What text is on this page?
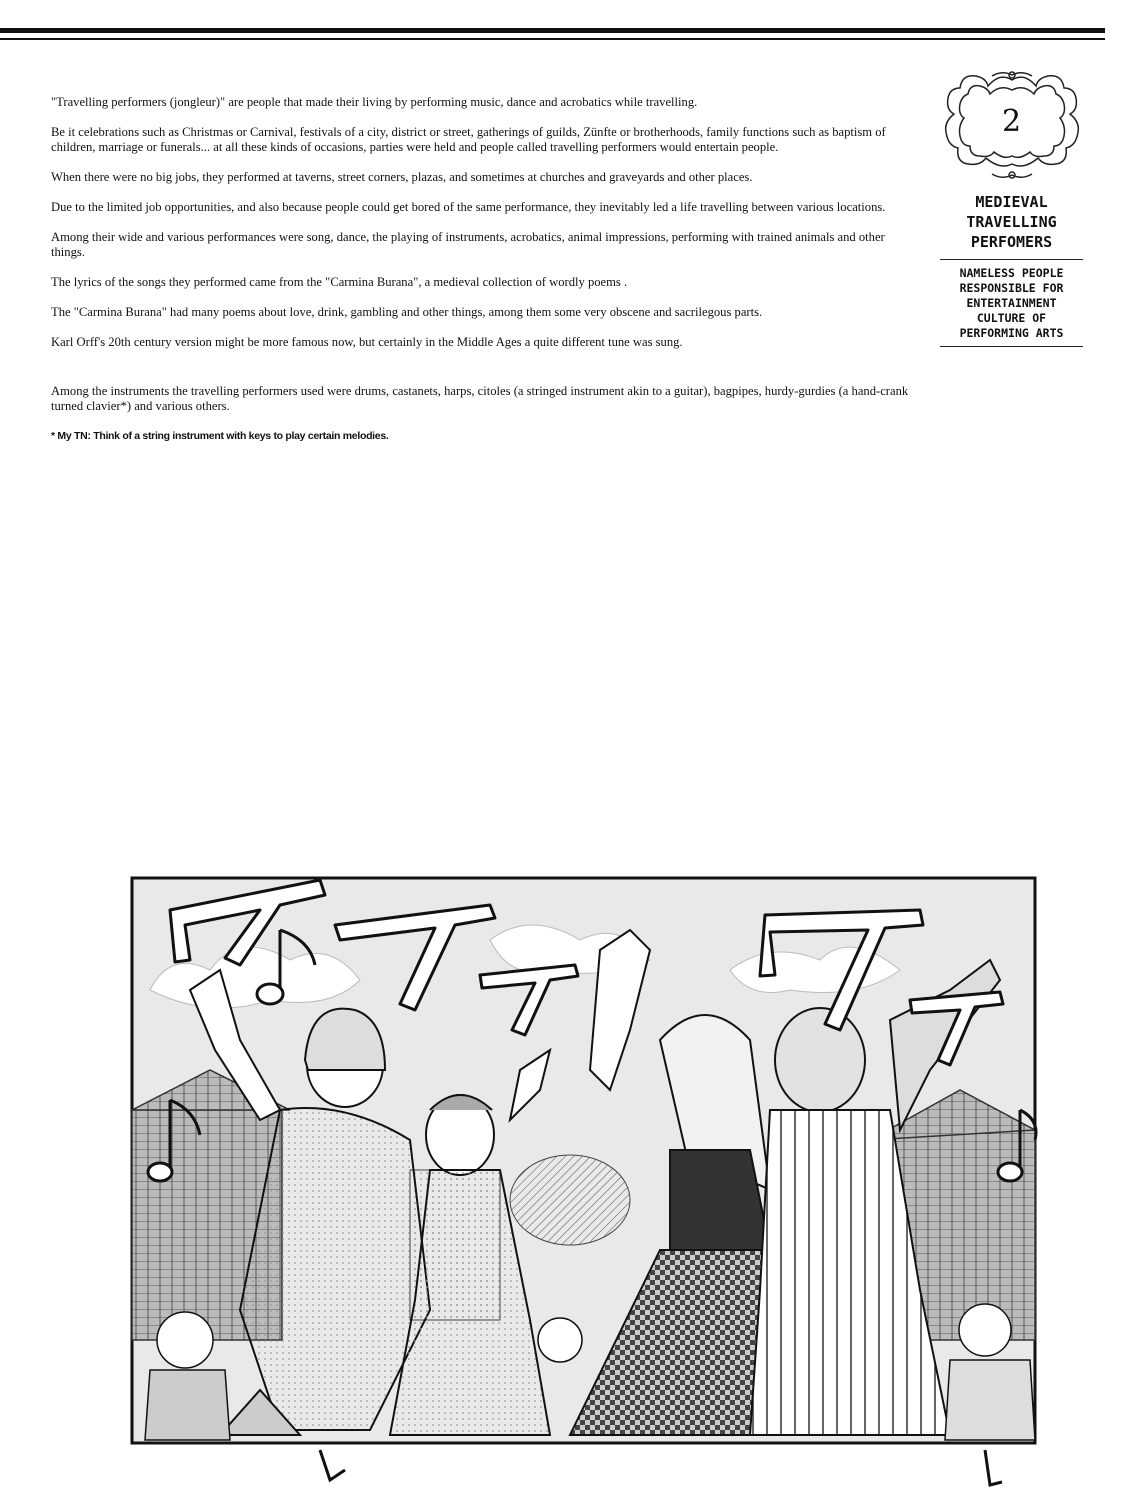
"Travelling performers (jongleur)" are people that made their living by performing music, dance and acrobatics while travelling.

Be it celebrations such as Christmas or Carnival, festivals of a city, district or street, gatherings of guilds, Zünfte or brotherhoods, family functions such as baptism of children, marriage or funerals... at all these kinds of occasions, parties were held and people called travelling performers would entertain people.

When there were no big jobs, they performed at taverns, street corners, plazas, and sometimes at churches and graveyards and other places.

Due to the limited job opportunities, and also because people could get bored of the same performance, they inevitably led a life travelling between various locations.

Among their wide and various performances were song, dance, the playing of instruments, acrobatics, animal impressions, performing with trained animals and other things.

The lyrics of the songs they performed came from the "Carmina Burana", a medieval collection of wordly poems .

The "Carmina Burana" had many poems about love, drink, gambling and other things, among them some very obscene and sacrilegous parts.

Karl Orff's 20th century version might be more famous now, but certainly in the Middle Ages a quite different tune was sung.

Among the instruments the travelling performers used were drums, castanets, harps, citoles (a stringed instrument akin to a guitar), bagpipes, hurdy-gurdies (a hand-crank turned clavier*) and various others.

* My TN: Think of a string instrument with keys to play certain melodies.
2
MEDIEVAL
TRAVELLING
PERFOMERS
NAMELESS PEOPLE
RESPONSIBLE FOR
ENTERTAINMENT
CULTURE OF
PERFORMING ARTS
